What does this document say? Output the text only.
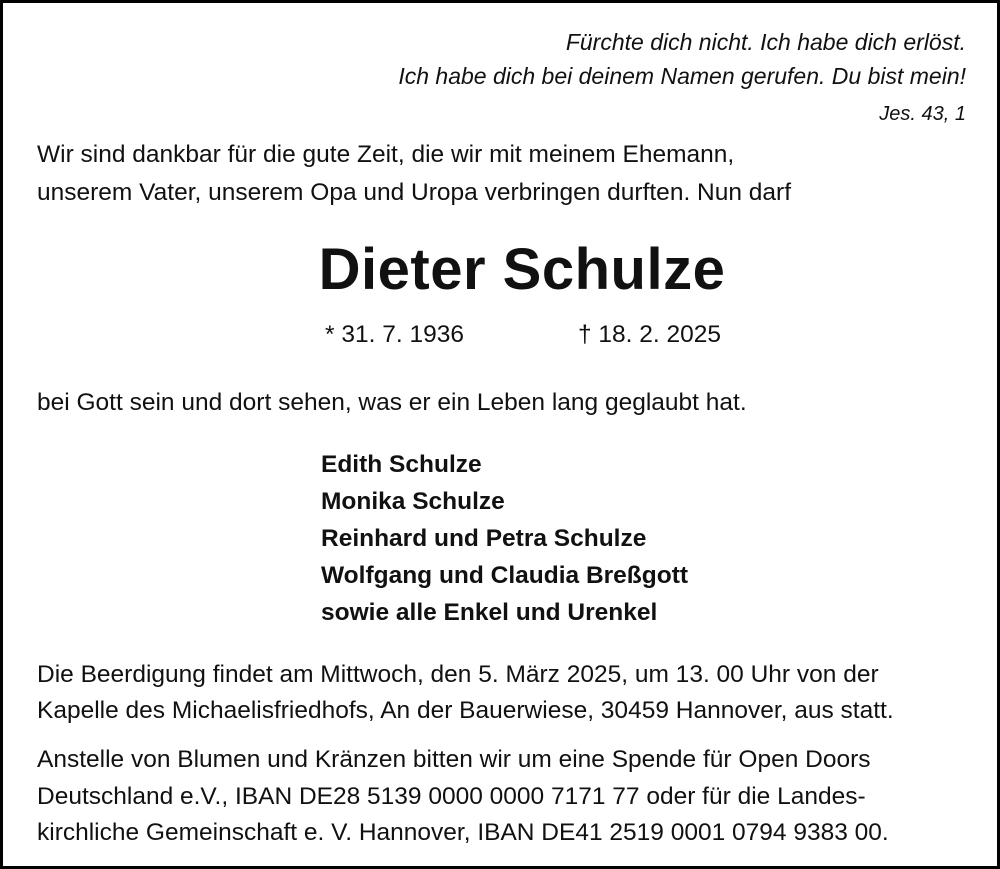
Fürchte dich nicht. Ich habe dich erlöst.
Ich habe dich bei deinem Namen gerufen. Du bist mein!
Jes. 43, 1
Wir sind dankbar für die gute Zeit, die wir mit meinem Ehemann,
unserem Vater, unserem Opa und Uropa verbringen durften. Nun darf
Dieter Schulze
* 31. 7. 1936	† 18. 2. 2025
bei Gott sein und dort sehen, was er ein Leben lang geglaubt hat.
Edith Schulze
Monika Schulze
Reinhard und Petra Schulze
Wolfgang und Claudia Breßgott
sowie alle Enkel und Urenkel
Die Beerdigung findet am Mittwoch, den 5. März 2025, um 13. 00 Uhr von der
Kapelle des Michaelisfriedhofs, An der Bauerwiese, 30459 Hannover, aus statt.
Anstelle von Blumen und Kränzen bitten wir um eine Spende für Open Doors
Deutschland e.V., IBAN DE28 5139 0000 0000 7171 77 oder für die Landes-
kirchliche Gemeinschaft e. V. Hannover, IBAN DE41 2519 0001 0794 9383 00.
